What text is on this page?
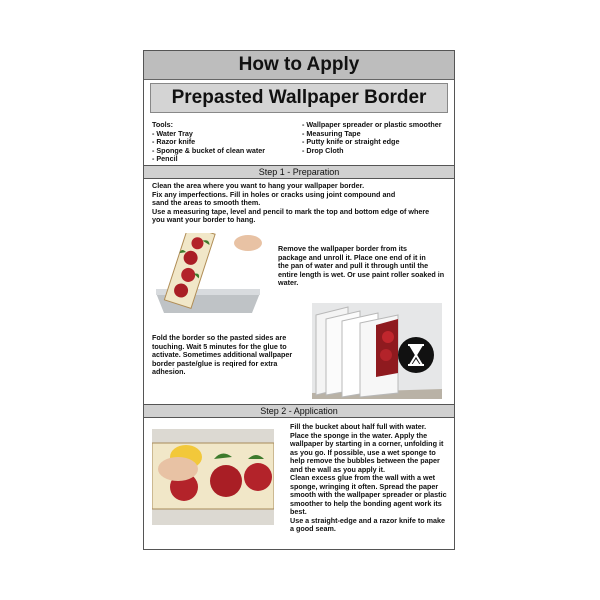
How to Apply
Prepasted Wallpaper Border
Tools:
- Water Tray
- Razor knife
- Sponge & bucket of clean water
- Pencil
- Wallpaper spreader or plastic smoother
- Measuring Tape
- Putty knife or straight edge
- Drop Cloth
Step 1 - Preparation
Clean the area where you want to hang your wallpaper border.
Fix any imperfections. Fill in holes or cracks using joint compound and
sand the areas to smooth them.
Use a measuring tape, level and pencil to mark the top and bottom edge of where
you want your border to hang.
Remove the wallpaper border from its
package and unroll it. Place one end of it in
the pan of water and pull it through until the
entire length is wet. Or use paint roller soaked in
water.
Fold the border so the pasted sides are
touching. Wait 5 minutes for the glue to
activate. Sometimes additional wallpaper
border paste/glue is reqired for extra
adhesion.
Step 2 - Application
Fill the bucket about half full with water.
Place the sponge in the water. Apply the
wallpaper by starting in a corner, unfolding it
as you go. If possible, use a wet sponge to
help remove the bubbles between the paper
and the wall as you apply it.
Clean excess glue from the wall with a wet
sponge, wringing it often. Spread the paper
smooth with the wallpaper spreader or plastic
smoother to help the bonding agent work its
best.
Use a straight-edge and a razor knife to make
a good seam.
